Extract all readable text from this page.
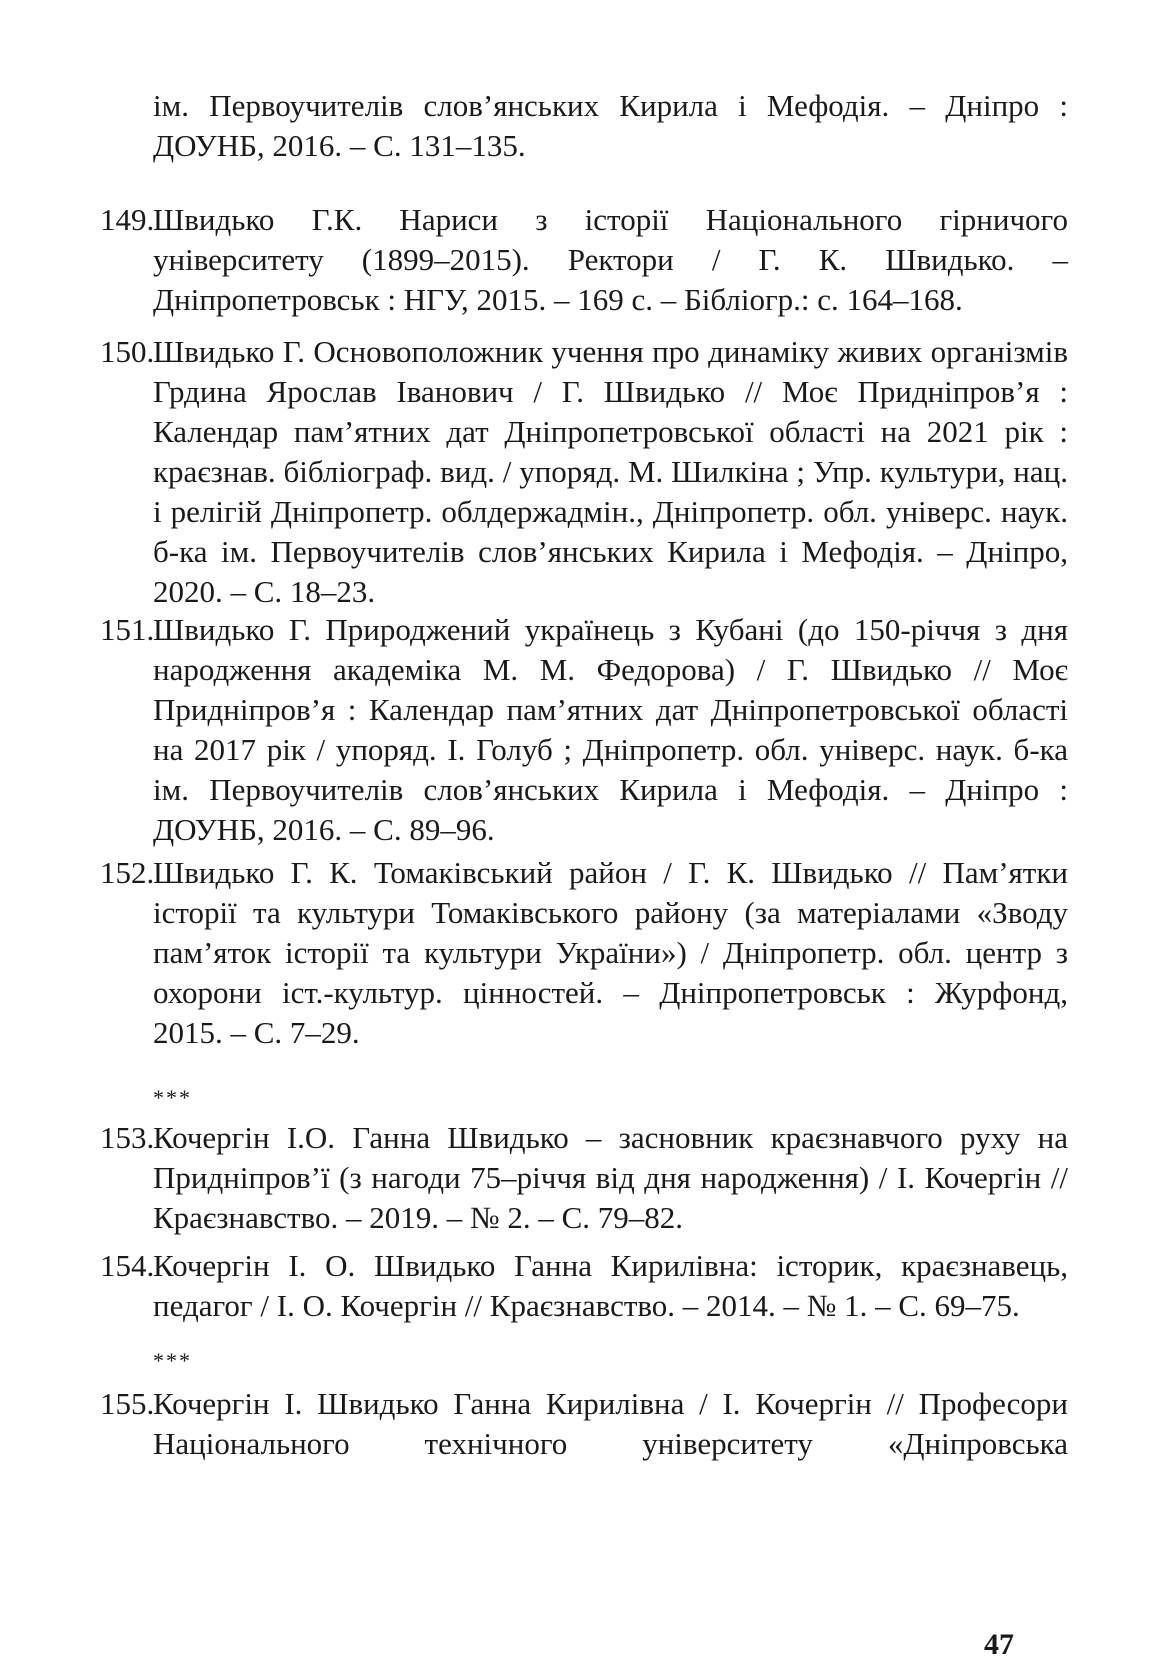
ім. Первоучителів слов’янських Кирила і Мефодія. – Дніпро : ДОУНБ, 2016. – С. 131–135.

149.

Швидько Г.К. Нариси з історії Національного гірничого університету (1899–2015). Ректори / Г. К. Швидько. – Дніпропетровськ : НГУ, 2015. – 169 с. – Бібліогр.: с. 164–168.

150.

Швидько Г. Основоположник учення про динаміку живих організмів Грдина Ярослав Іванович / Г. Швидько // Моє Придніпров’я : Календар пам’ятних дат Дніпропетровської області на 2021 рік : краєзнав. бібліограф. вид. / упоряд. М. Шилкіна ; Упр. культури, нац. і релігій Дніпропетр. облдержадмін., Дніпропетр. обл. універс. наук. б-ка ім. Первоучителів слов’янських Кирила і Мефодія. – Дніпро, 2020. – С. 18–23.

151.

Швидько Г. Природжений українець з Кубані (до 150-річчя з дня народження академіка М. М. Федорова) / Г. Швидько // Моє Придніпров’я : Календар пам’ятних дат Дніпропетровської області на 2017 рік / упоряд. І. Голуб ; Дніпропетр. обл. універс. наук. б-ка ім. Первоучителів слов’янських Кирила і Мефодія. – Дніпро : ДОУНБ, 2016. – С. 89–96.

152.

Швидько Г. К. Томаківський район / Г. К. Швидько // Пам’ятки історії та культури Томаківського району (за матеріалами «Зводу пам’яток історії та культури України») / Дніпропетр. обл. центр з охорони іст.-культур. цінностей. – Дніпропетровськ : Журфонд, 2015. – С. 7–29.

***
153.

Кочергін І.О. Ганна Швидько – засновник краєзнавчого руху на Придніпров’ї (з нагоди 75–річчя від дня народження) / І. Кочергін // Краєзнавство. – 2019. – № 2. – С. 79–82.

154.

Кочергін І. О. Швидько Ганна Кирилівна: історик, краєзнавець, педагог / І. О. Кочергін // Краєзнавство. – 2014. – № 1. – С. 69–75.

***
155.

Кочергін І. Швидько Ганна Кирилівна / І. Кочергін // Професори Національного технічного університету «Дніпровська

47
